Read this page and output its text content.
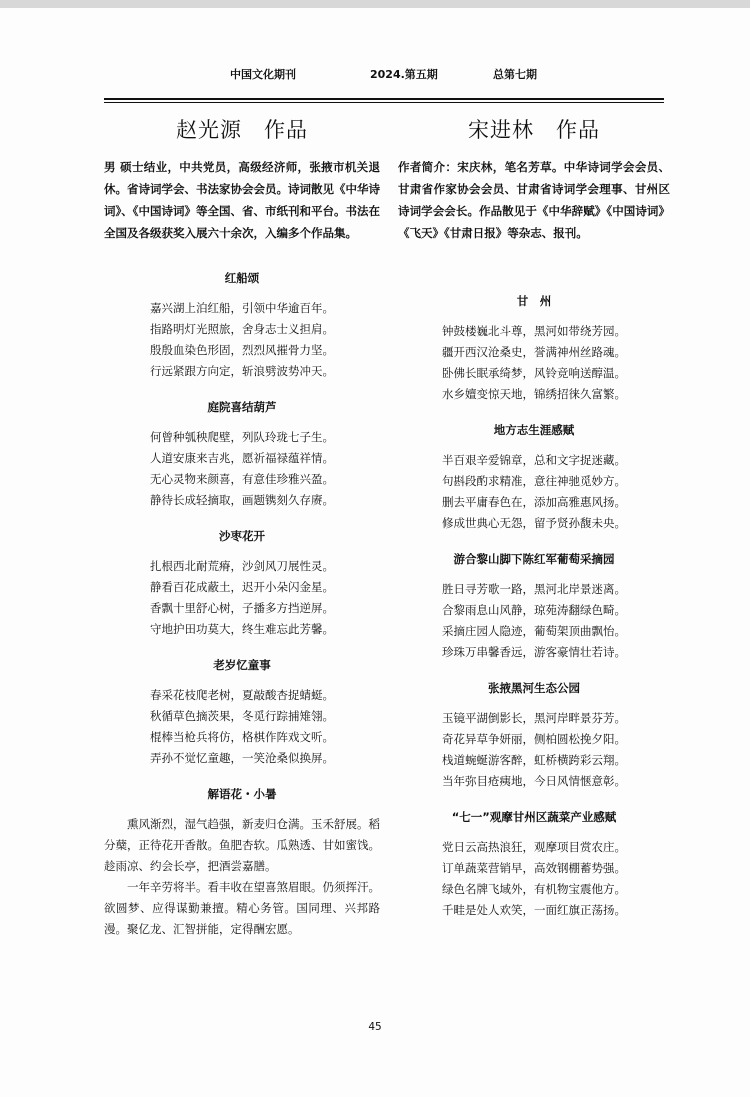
中国文化期刊	2024.第五期	总第七期
赵光源 作品

男 硕士结业，中共党员，高级经济师，张掖市机关退休。省诗词学会、书法家协会会员。诗词散见《中华诗词》、《中国诗词》等全国、省、市纸刊和平台。书法在全国及各级获奖入展六十余次，入编多个作品集。

红船颂
嘉兴湖上泊红船，引领中华逾百年。
指路明灯光照旅，舍身志士义担肩。
殷殷血染色形固，烈烈风摧骨力坚。
行远紧跟方向定，斩浪劈波势冲天。
庭院喜结葫芦
何曾种瓠秧爬壁，列队玲珑七子生。
人道安康来吉兆，愿祈福禄蕴祥情。
无心灵物来颜喜，有意佳珍雅兴盈。
静待长成轻摘取，画题镌刻久存赓。
沙枣花开
扎根西北耐荒瘠，沙剑风刀展性灵。
静看百花成蔽土，迟开小朵闪金星。
香飘十里舒心树，子播多方挡逆屏。
守地护田功莫大，终生难忘此芳馨。
老岁忆童事
春采花枝爬老树，夏敲酸杏捉蜻蜓。
秋循草色摘茨果，冬觅行踪捕雉翎。
棍棒当枪兵将仿，格棋作阵戏文听。
弄孙不觉忆童趣，一笑沧桑似换屏。
解语花・小暑

熏风渐烈，湿气趋强，新麦归仓满。玉禾舒展。稻分蘖，正待花开香散。鱼肥杏软。瓜熟透、甘如蜜饯。趁雨凉、约会长亭，把酒尝嘉膳。

一年辛劳将半。看丰收在望喜煞眉眼。仍须挥汗。欲圆梦、应得谋勤兼擅。精心务管。国同理、兴邦路漫。聚亿龙、汇智拼能，定得酬宏愿。

宋进林 作品

作者简介：宋庆林，笔名芳草。中华诗词学会会员、甘肃省作家协会会员、甘肃省诗词学会理事、甘州区诗词学会会长。作品散见于《中华辞赋》《中国诗词》《飞天》《甘肃日报》等杂志、报刊。

甘　州
钟鼓楼巍北斗尊，黑河如带绕芳园。
疆开西汉沧桑史，誉满神州丝路魂。
卧佛长眠承绮梦，风铃竞响送醇温。
水乡嬗变惊天地，锦绣招徕久富繁。
地方志生涯感赋
半百艰辛爱锦章，总和文字捉迷藏。
句斟段酌求精准，意往神驰觅妙方。
删去平庸春色在，添加高雅惠风扬。
修成世典心无怨，留予贤孙馥未央。
游合黎山脚下陈红军葡萄采摘园
胜日寻芳歌一路，黑河北岸景迷离。
合黎雨息山风静，琼苑涛翻绿色畸。
采摘庄园人隐迹，葡萄架顶曲飘怡。
珍珠万串馨香远，游客豪情壮若诗。
张掖黑河生态公园
玉镜平湖倒影长，黑河岸畔景芬芳。
奇花异草争妍丽，侧柏圆松挽夕阳。
栈道蜿蜒游客醉，虹桥横跨彩云翔。
当年弥目疮痍地，今日风情惬意彰。
“七一”观摩甘州区蔬菜产业感赋
党日云高热浪狂，观摩项目赏农庄。
订单蔬菜营销早，高效钢棚蓄势强。
绿色名牌飞域外，有机物宝震他方。
千畦是处人欢笑，一面红旗正荡扬。
45
